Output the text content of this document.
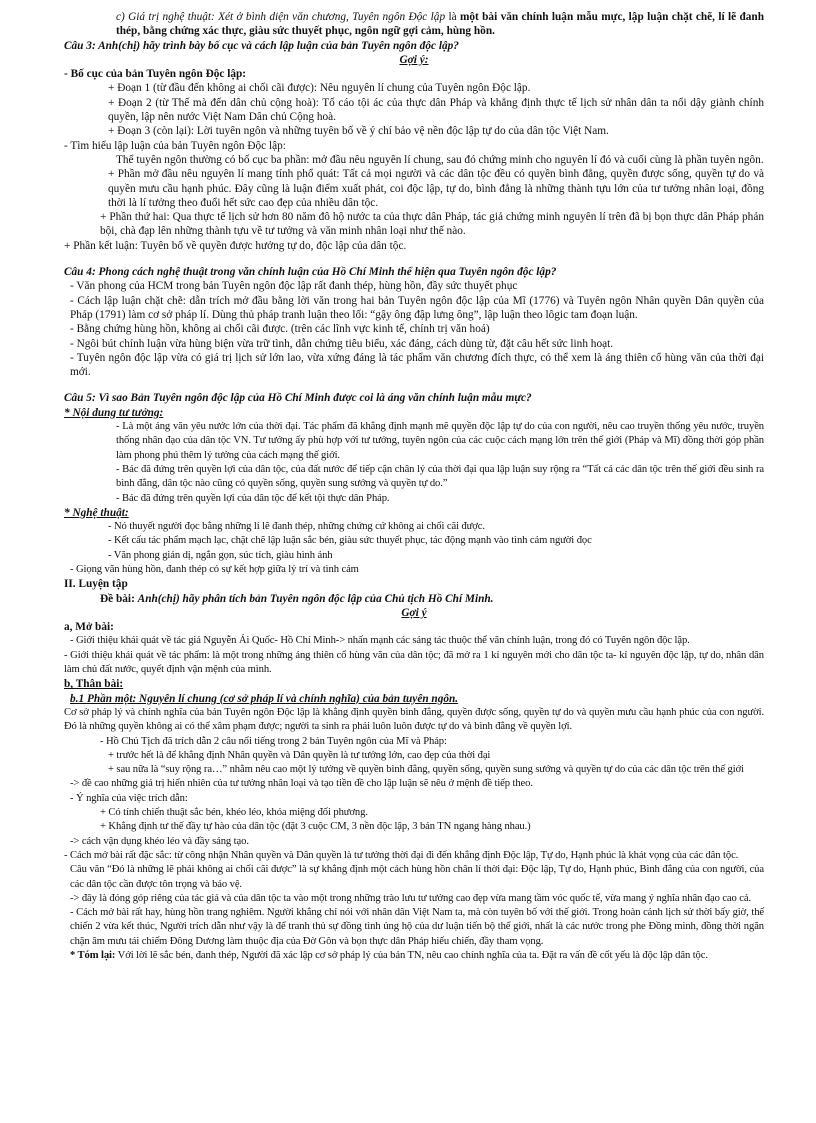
c) Giá trị nghệ thuật: Xét ở bình diện văn chương, Tuyên ngôn Độc lập là một bài văn chính luận mẫu mực, lập luận chặt chẽ, lí lẽ đanh thép, bằng chứng xác thực, giàu sức thuyết phục, ngôn ngữ gợi cảm, hùng hồn.

Câu 3: Anh(chị) hãy trình bày bố cục và cách lập luận của bản Tuyên ngôn độc lập?

Gợi ý:

- Bố cục của bản Tuyên ngôn Độc lập:

+ Đoạn 1 (từ đầu đến không ai chối cãi được): Nêu nguyên lí chung của Tuyên ngôn Độc lập.

+ Đoạn 2 (từ Thế mà đến dân chủ cộng hoà): Tố cáo tội ác của thực dân Pháp và khẳng định thực tế lịch sử nhân dân ta nổi dậy giành chính quyền, lập nên nước Việt Nam Dân chủ Cộng hoà.

+ Đoạn 3 (còn lại): Lời tuyên ngôn và những tuyên bố về ý chí bảo vệ nền độc lập tự do của dân tộc Việt Nam.

- Tìm hiểu lập luận của bản Tuyên ngôn Độc lập:

Thể tuyên ngôn thường có bố cục ba phần: mở đầu nêu nguyên lí chung, sau đó chứng minh cho nguyên lí đó và cuối cùng là phần tuyên ngôn.

+ Phần mở đầu nêu nguyên lí mang tính phổ quát: Tất cả mọi người và các dân tộc đều có quyền bình đẳng, quyền được sống, quyền tự do và quyền mưu cầu hạnh phúc. Đây cũng là luận điểm xuất phát, coi độc lập, tự do, bình đẳng là những thành tựu lớn của tư tưởng nhân loại, đồng thời là lí tưởng theo đuổi hết sức cao đẹp của nhiều dân tộc.

+ Phần thứ hai: Qua thực tế lịch sử hơn 80 năm đô hộ nước ta của thực dân Pháp, tác giả chứng minh nguyên lí trên đã bị bọn thực dân Pháp phản bội, chà đạp lên những thành tựu về tư tưởng và văn minh nhân loại như thế nào.

+ Phần kết luận: Tuyên bố về quyền được hưởng tự do, độc lập của dân tộc.

Câu 4: Phong cách nghệ thuật trong văn chính luận của Hồ Chí Minh thể hiện qua Tuyên ngôn độc lập?

- Văn phong của HCM trong bản Tuyên ngôn độc lập rất đanh thép, hùng hồn, đầy sức thuyết phục

- Cách lập luận chặt chẽ: dẫn trích mở đầu bằng lời văn trong hai bản Tuyên ngôn độc lập của Mĩ (1776) và Tuyên ngôn Nhân quyền Dân quyền của Pháp (1791) làm cơ sở pháp lí. Dùng thủ pháp tranh luận theo lối: “gậy ông đập lưng ông”, lập luận theo lôgic tam đoạn luận.

- Bằng chứng hùng hồn, không ai chối cãi được. (trên các lĩnh vực kinh tế, chính trị văn hoá)

- Ngôi bút chính luận vừa hùng biện vừa trữ tình, dẫn chứng tiêu biểu, xác đáng, cách dùng từ, đặt câu hết sức linh hoạt.

- Tuyên ngôn độc lập vừa có giá trị lịch sử lớn lao, vừa xứng đáng là tác phẩm văn chương đích thực, có thể xem là áng thiên cổ hùng văn của thời đại mới.

Câu 5: Vì sao Bản Tuyên ngôn độc lập của Hồ Chí Minh được coi là áng văn chính luận mẫu mực?

* Nội dung tư tưởng:

- Là một áng văn yêu nước lớn của thời đại. Tác phẩm đã khẳng định mạnh mẽ quyền độc lập tự do của con người, nêu cao truyền thống yêu nước, truyền thống nhân đạo của dân tộc VN. Tư tưởng ấy phù hợp với tư tưởng, tuyên ngôn của các cuộc cách mạng lớn trên thế giới (Pháp và Mĩ) đồng thời góp phần làm phong phú thêm lý tưởng của cách mạng thế giới.

- Bác đã đứng trên quyền lợi của dân tộc, của đất nước để tiếp cận chân lý của thời đại qua lập luận suy rộng ra “Tất cả các dân tộc trên thế giới đều sinh ra bình đẳng, dân tộc nào cũng có quyền sống, quyền sung sướng và quyền tự do.”

- Bác đã đứng trên quyền lợi của dân tộc để kết tội thực dân Pháp.

* Nghệ thuật:

- Nó thuyết người đọc bằng những lí lẽ đanh thép, những chứng cứ không ai chối cãi được.

- Kết cấu tác phẩm mạch lạc, chặt chẽ lập luận sắc bén, giàu sức thuyết phục, tác động mạnh vào tình cảm người đọc

- Văn phong giản dị, ngắn gọn, súc tích, giàu hình ảnh

- Giọng văn hùng hồn, đanh thép có sự kết hợp giữa lý trí và tình cảm

II. Luyện tập

Đề bài: Anh(chị) hãy phân tích bản Tuyên ngôn độc lập của Chủ tịch Hồ Chí Minh.

Gợi ý

a, Mở bài:

- Giới thiệu khái quát về tác giả Nguyễn Ái Quốc- Hồ Chí Minh-> nhấn mạnh các sáng tác thuộc thể văn chính luận, trong đó có Tuyên ngôn độc lập.

- Giới thiệu khái quát về tác phẩm: là một trong những áng thiên cổ hùng văn của dân tộc; đã mở ra 1 kỉ nguyên mới cho dân tộc ta- kỉ nguyên độc lập, tự do, nhân dân làm chủ đất nước, quyết định vận mệnh của mình.

b, Thân bài:

b.1 Phần một: Nguyên lí chung (cơ sở pháp lí và chính nghĩa) của bản tuyên ngôn.

Cơ sở pháp lý và chính nghĩa của bản Tuyên ngôn Độc lập là khẳng định quyền bình đẳng, quyền được sống, quyền tự do và quyền mưu cầu hạnh phúc của con người. Đó là những quyền không ai có thể xâm phạm được; người ta sinh ra phải luôn luôn được tự do và bình đẳng về quyền lợi.

- Hồ Chủ Tịch đã trích dẫn 2 câu nổi tiếng trong 2 bản Tuyên ngôn của Mĩ và Pháp:

+ trước hết là để khẳng định Nhân quyền và Dân quyền là tư tưởng lớn, cao đẹp của thời đại

+ sau nữa là “suy rộng ra…” nhằm nêu cao một lý tưởng về quyền bình đẳng, quyền sống, quyền sung sướng và quyền tự do của các dân tộc trên thế giới

-> đề cao những giá trị hiển nhiên của tư tưởng nhân loại và tạo tiền đề cho lập luận sẽ nêu ở mệnh đề tiếp theo.

- Ý nghĩa của việc trích dẫn:

+ Có tính chiến thuật sắc bén, khéo léo, khóa miệng đối phương.

+ Khẳng định tư thế đầy tự hào của dân tộc (đặt 3 cuộc CM, 3 nền độc lập, 3 bản TN ngang hàng nhau.)

-> cách vận dụng khéo léo và đầy sáng tạo.

- Cách mở bài rất đặc sắc: từ công nhận Nhân quyền và Dân quyền là tư tưởng thời đại đi đến khẳng định Độc lập, Tự do, Hạnh phúc là khát vọng của các dân tộc.

Câu văn “Đó là những lẽ phải không ai chối cãi được” là sự khẳng định một cách hùng hồn chân lí thời đại: Độc lập, Tự do, Hạnh phúc, Bình đẳng của con người, của các dân tộc cần được tôn trọng và bảo vệ.

-> đây là đóng góp riêng của tác giả và của dân tộc ta vào một trong những trào lưu tư tưởng cao đẹp vừa mang tầm vóc quốc tế, vừa mang ý nghĩa nhân đạo cao cả.

- Cách mở bài rất hay, hùng hồn trang nghiêm. Người khẳng chỉ nói với nhân dân Việt Nam ta, mà còn tuyên bố với thế giới. Trong hoàn cảnh lịch sử thời bấy giờ, thế chiến 2 vừa kết thúc, Người trích dẫn như vậy là để tranh thủ sự đồng tình ủng hộ của dư luận tiến bộ thế giới, nhất là các nước trong phe Đồng minh, đồng thời ngăn chặn âm mưu tái chiếm Đông Dương làm thuộc địa của Đờ Gôn và bọn thực dân Pháp hiếu chiến, đầy tham vọng.

* Tóm lại: Với lời lẽ sắc bén, đanh thép, Người đã xác lập cơ sở pháp lý của bản TN, nêu cao chính nghĩa của ta. Đặt ra vấn đề cốt yếu là độc lập dân tộc.
